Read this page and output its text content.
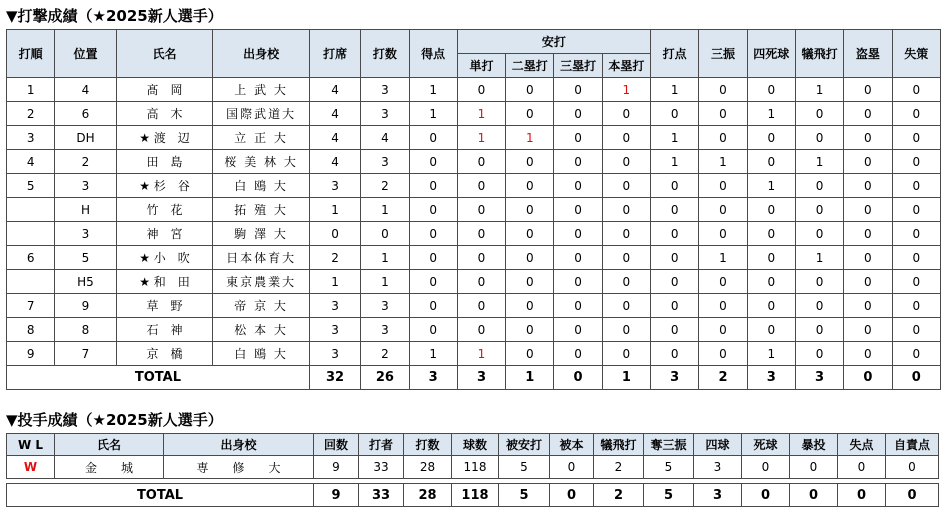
▼打撃成績（★2025新人選手）
打順	位置	氏名	出身校	打席	打数	得点	安打				打点	三振	四死球	犠飛打	盗塁	失策
							単打	二塁打	三塁打	本塁打						
1	4	髙　岡	上 武 大	4	3	1	0	0	0	1	1	0	0	1	0	0
2	6	高　木	国際武道大	4	3	1	1	0	0	0	0	0	1	0	0	0
3	DH	★ 渡　辺	立 正 大	4	4	0	1	1	0	0	1	0	0	0	0	0
4	2	田　島	桜 美 林 大	4	3	0	0	0	0	0	1	1	0	1	0	0
5	3	★ 杉　谷	白 鴎 大	3	2	0	0	0	0	0	0	0	1	0	0	0
	H	竹　花	拓 殖 大	1	1	0	0	0	0	0	0	0	0	0	0	0
	3	神　宮	駒 澤 大	0	0	0	0	0	0	0	0	0	0	0	0	0
6	5	★ 小　吹	日本体育大	2	1	0	0	0	0	0	0	1	0	1	0	0
	H5	★ 和　田	東京農業大	1	1	0	0	0	0	0	0	0	0	0	0	0
7	9	草　野	帝 京 大	3	3	0	0	0	0	0	0	0	0	0	0	0
8	8	石　神	松 本 大	3	3	0	0	0	0	0	0	0	0	0	0	0
9	7	京　橋	白 鴎 大	3	2	1	1	0	0	0	0	0	1	0	0	0
TOTAL				32	26	3	3	1	0	1	3	2	3	3	0	0
▼投手成績（★2025新人選手）
W L	氏名	出身校	回数	打者	打数	球数	被安打	被本	犠飛打	奪三振	四球	死球	暴投	失点	自責点
W	金　　城	専　　修　　大	9	33	28	118	5	0	2	5	3	0	0	0	0

TOTAL			9	33	28	118	5	0	2	5	3	0	0	0	0
